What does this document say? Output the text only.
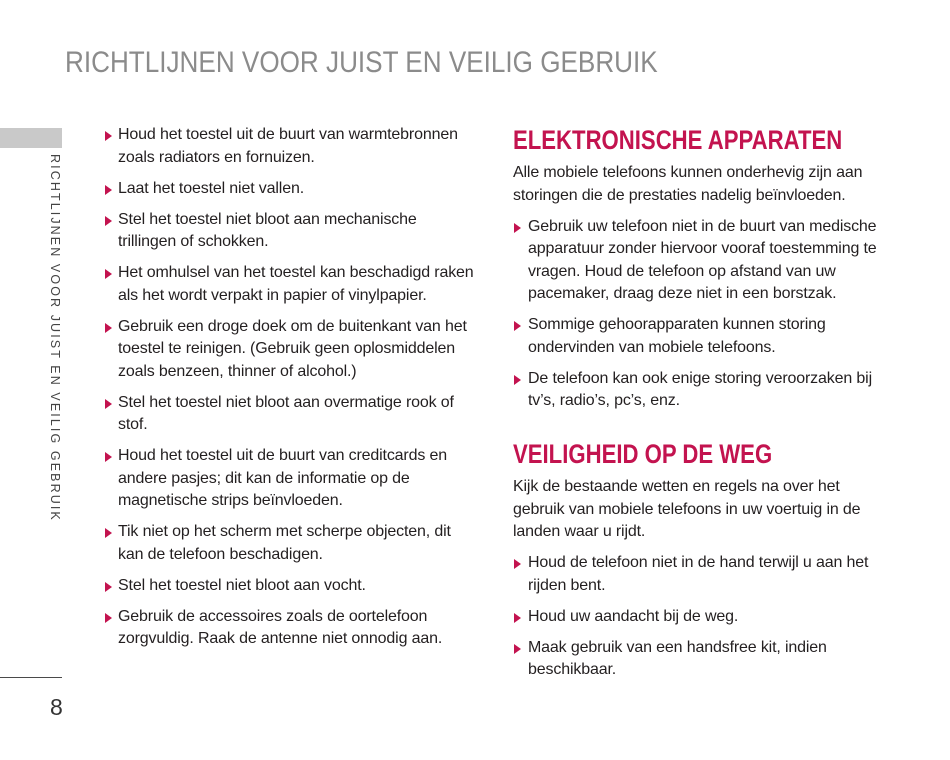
RICHTLIJNEN VOOR JUIST EN VEILIG GEBRUIK
RICHTLIJNEN VOOR JUIST EN VEILIG GEBRUIK
8
Houd het toestel uit de buurt van warmtebronnen
zoals radiators en fornuizen.
Laat het toestel niet vallen.
Stel het toestel niet bloot aan mechanische
trillingen of schokken.
Het omhulsel van het toestel kan beschadigd raken
als het wordt verpakt in papier of vinylpapier.
Gebruik een droge doek om de buitenkant van het
toestel te reinigen. (Gebruik geen oplosmiddelen
zoals benzeen, thinner of alcohol.)
Stel het toestel niet bloot aan overmatige rook of
stof.
Houd het toestel uit de buurt van creditcards en
andere pasjes; dit kan de informatie op de
magnetische strips beïnvloeden.
Tik niet op het scherm met scherpe objecten, dit
kan de telefoon beschadigen.
Stel het toestel niet bloot aan vocht.
Gebruik de accessoires zoals de oortelefoon
zorgvuldig. Raak de antenne niet onnodig aan.
ELEKTRONISCHE APPARATEN
Alle mobiele telefoons kunnen onderhevig zijn aan
storingen die de prestaties nadelig beïnvloeden.
Gebruik uw telefoon niet in de buurt van medische
apparatuur zonder hiervoor vooraf toestemming te
vragen. Houd de telefoon op afstand van uw
pacemaker, draag deze niet in een borstzak.
Sommige gehoorapparaten kunnen storing
ondervinden van mobiele telefoons.
De telefoon kan ook enige storing veroorzaken bij
tv’s, radio’s, pc’s, enz.
VEILIGHEID OP DE WEG
Kijk de bestaande wetten en regels na over het
gebruik van mobiele telefoons in uw voertuig in de
landen waar u rijdt.
Houd de telefoon niet in de hand terwijl u aan het
rijden bent.
Houd uw aandacht bij de weg.
Maak gebruik van een handsfree kit, indien
beschikbaar.
